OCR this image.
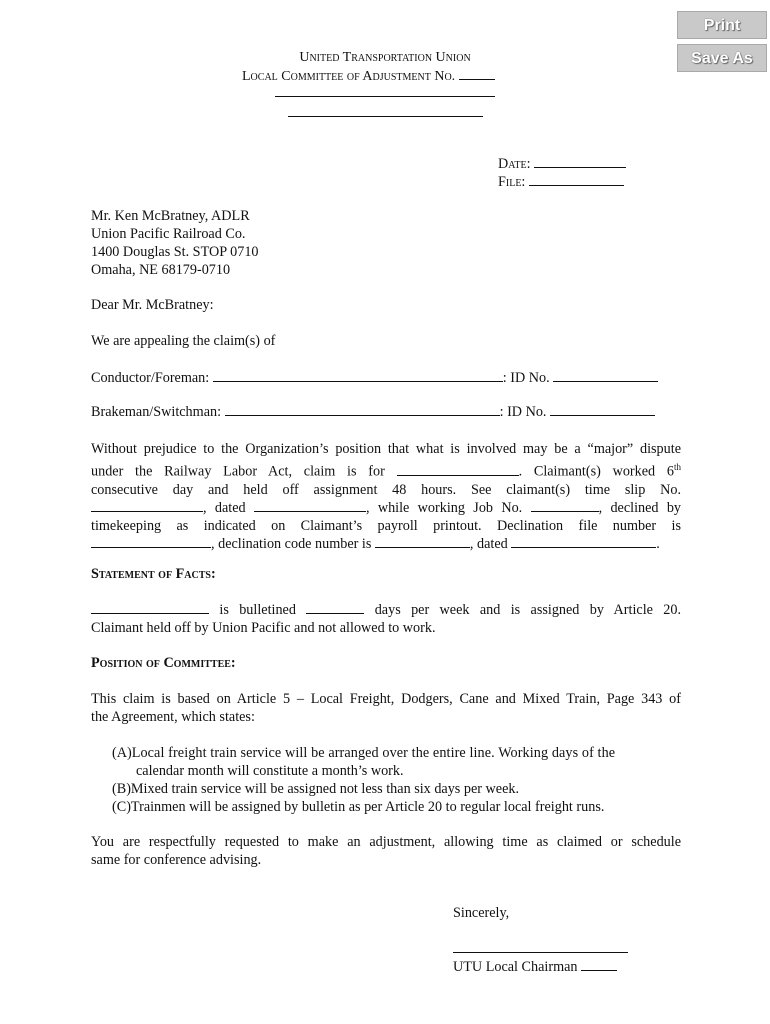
Print
Save As
United Transportation Union
Local Committee of Adjustment No.
Date:
File:
Mr. Ken McBratney, ADLR
Union Pacific Railroad Co.
1400 Douglas St. STOP 0710
Omaha, NE 68179-0710
Dear Mr. McBratney:
We are appealing the claim(s) of
Conductor/Foreman:	: ID No.
Brakeman/Switchman:	: ID No.
Without prejudice to the Organization’s position that what is involved may be a “major” dispute
under the Railway Labor Act, claim is for	. Claimant(s) worked 6th
consecutive day and held off assignment 48 hours. See claimant(s) time slip No.
, dated	, while working Job No.	, declined by
timekeeping as indicated on Claimant’s payroll printout. Declination file number is
, declination code number is	, dated	.
Statement of Facts:
is bulletined	days per week and is assigned by Article 20.
Claimant held off by Union Pacific and not allowed to work.
Position of Committee:
This claim is based on Article 5 – Local Freight, Dodgers, Cane and Mixed Train, Page 343 of
the Agreement, which states:
(A)Local freight train service will be arranged over the entire line. Working days of the
calendar month will constitute a month’s work.
(B)Mixed train service will be assigned not less than six days per week.
(C)Trainmen will be assigned by bulletin as per Article 20 to regular local freight runs.
You are respectfully requested to make an adjustment, allowing time as claimed or schedule
same for conference advising.
Sincerely,
UTU Local Chairman
